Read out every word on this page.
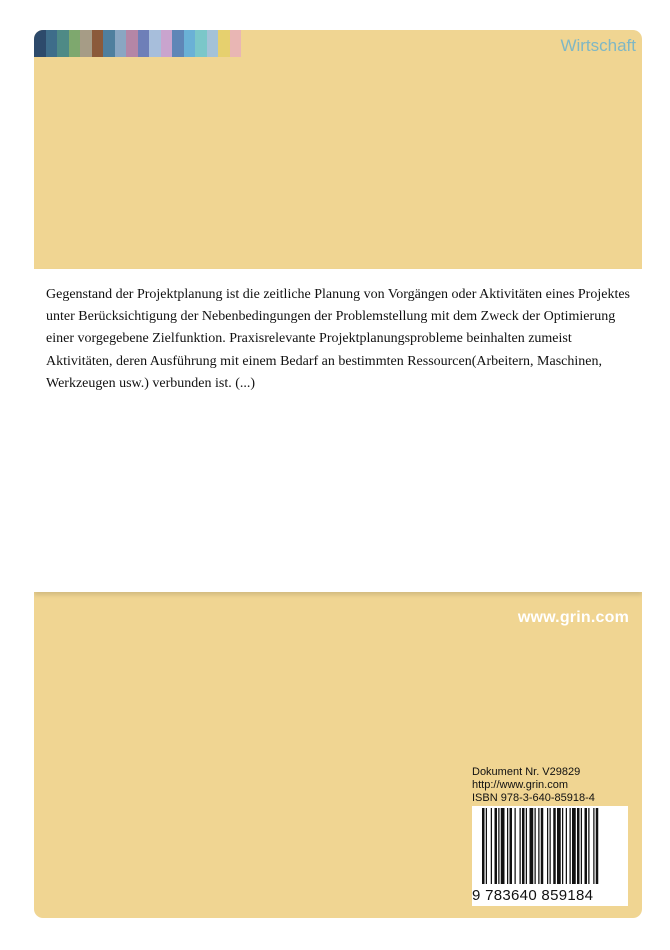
Wirtschaft

Gegenstand der Projektplanung ist die zeitliche Planung von Vorgängen oder Aktivitäten eines Projektes unter Berücksichtigung der Nebenbedingungen der Problemstellung mit dem Zweck der Optimierung einer vorgegebene Zielfunktion. Praxisrelevante Projektplanungsprobleme beinhalten zumeist Aktivitäten, deren Ausführung mit einem Bedarf an bestimmten Ressourcen(Arbeitern, Maschinen, Werkzeugen usw.) verbunden ist. (...)

www.grin.com
Dokument Nr. V29829
http://www.grin.com
ISBN 978-3-640-85918-4
9 783640 859184
